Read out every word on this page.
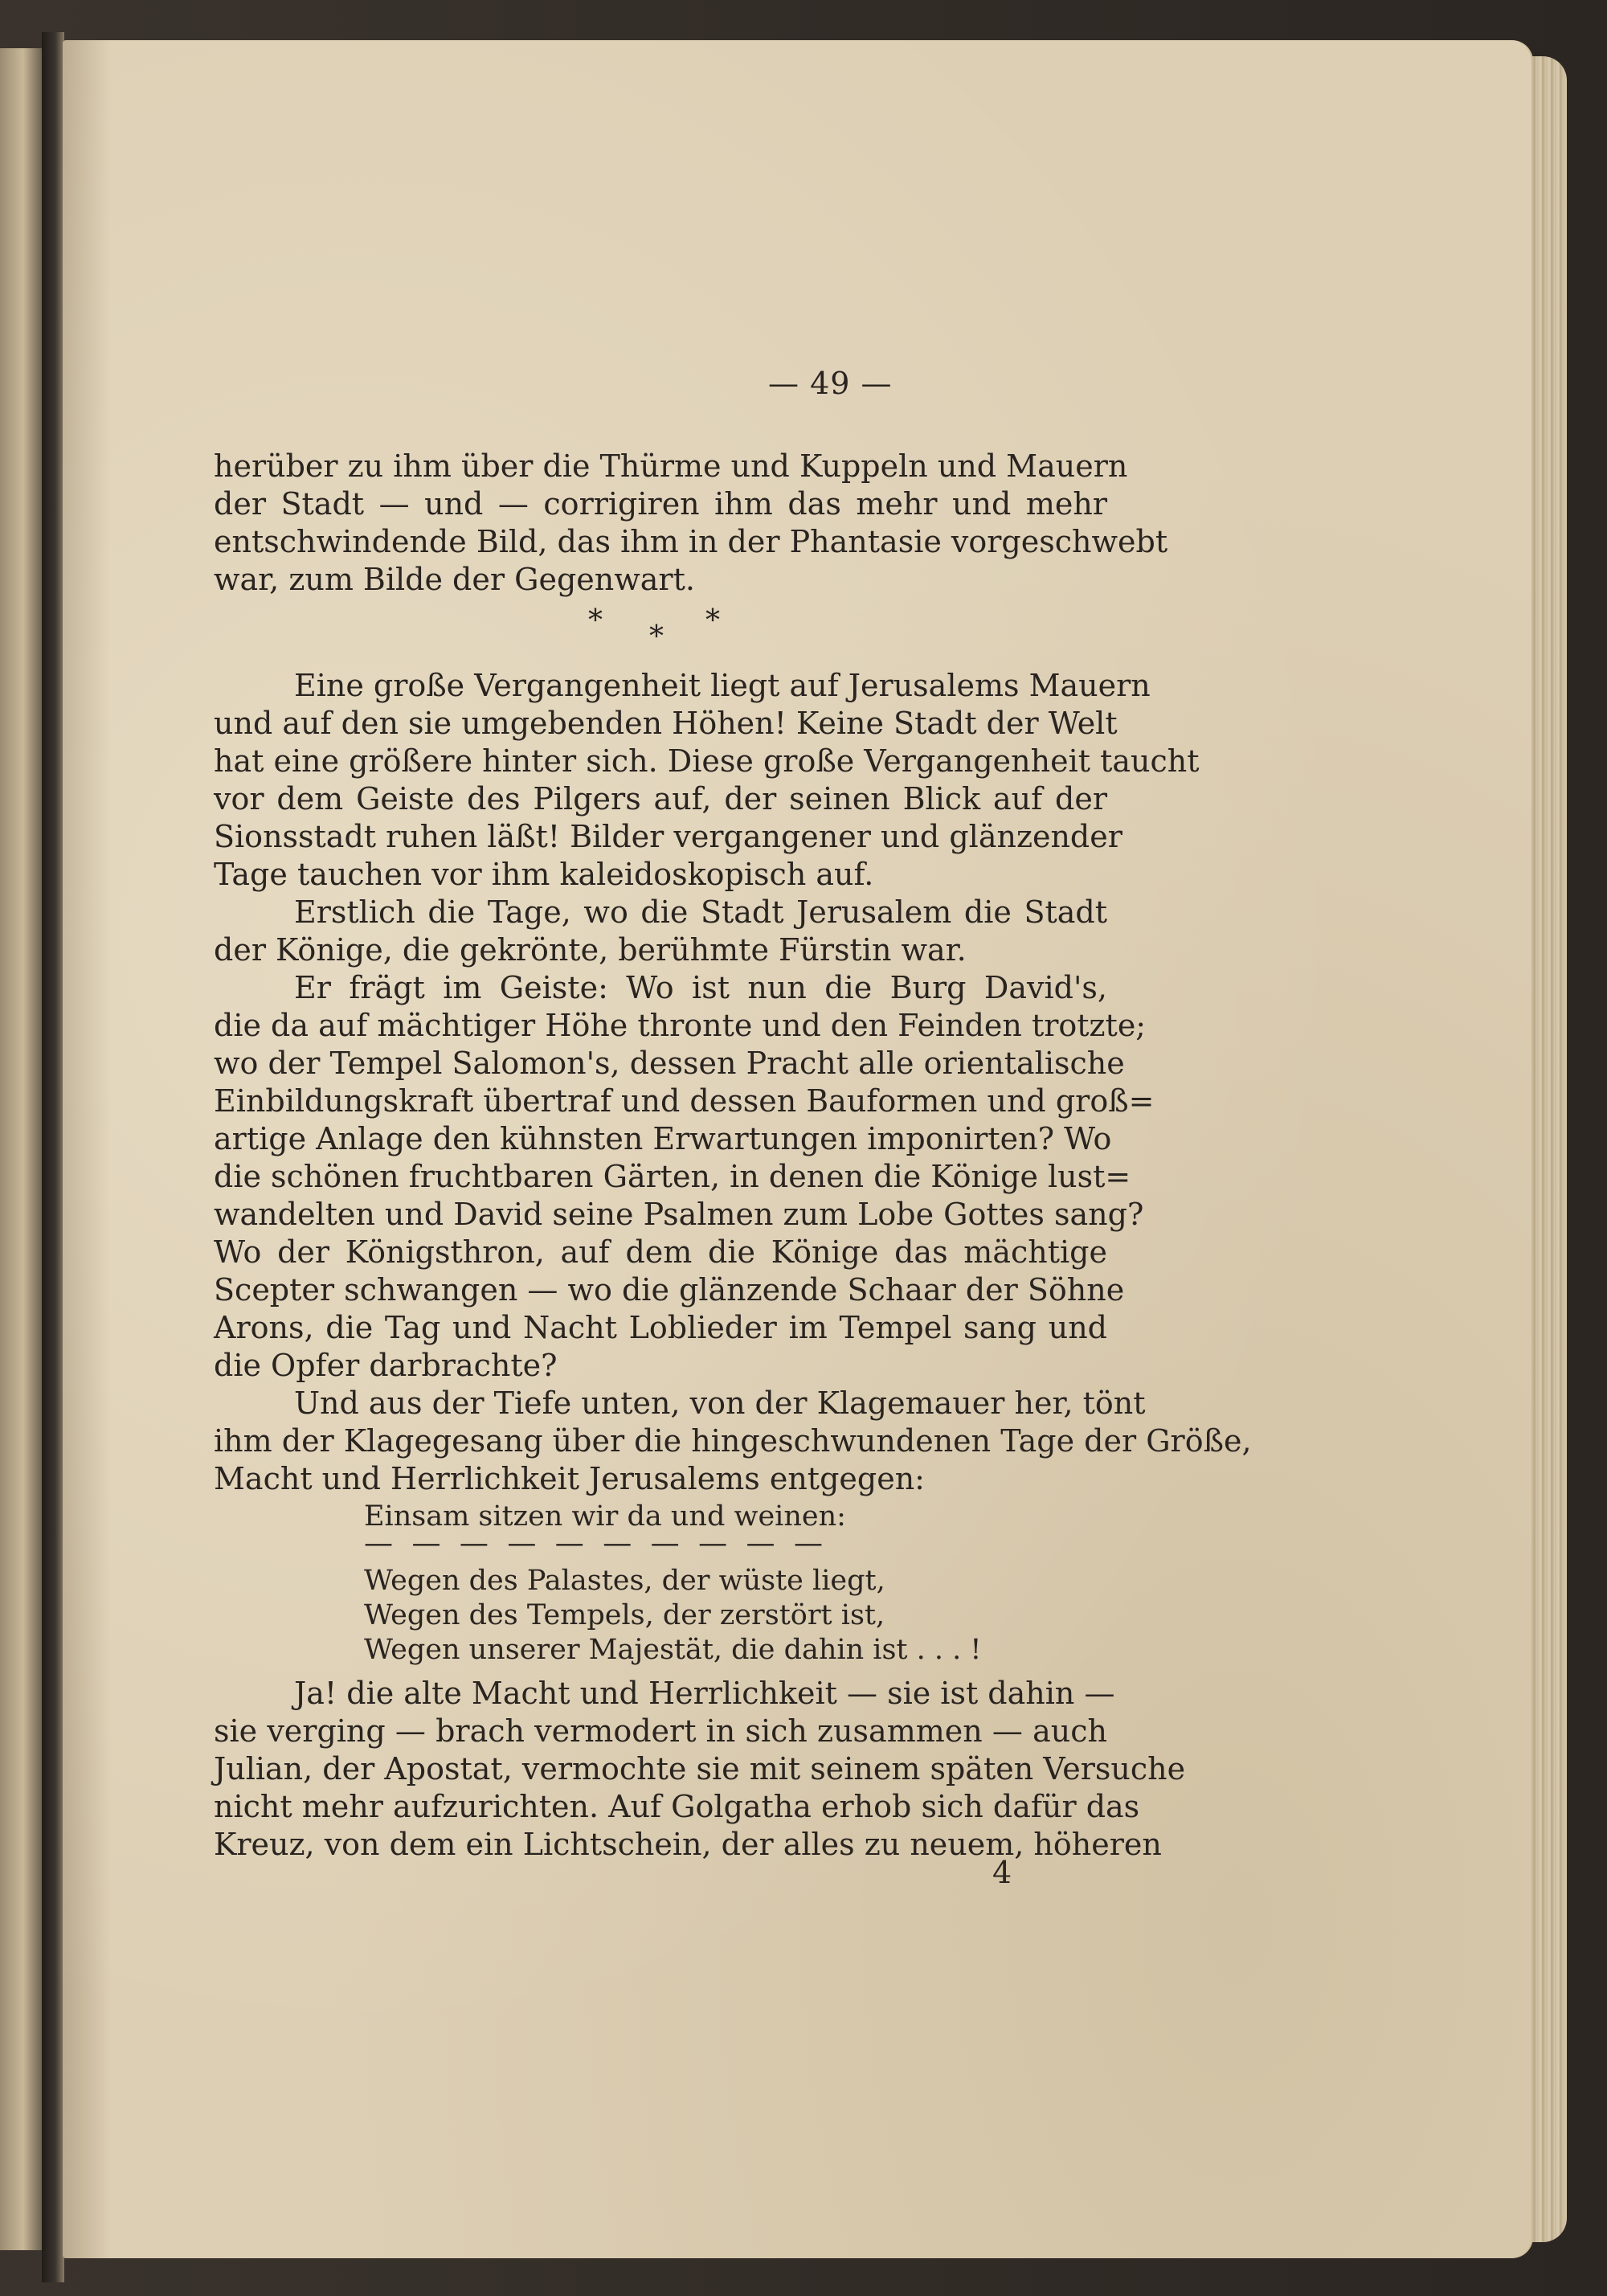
— 49 —
herüber zu ihm über die Thürme und Kuppeln und Mauern
der Stadt — und — corrigiren ihm das mehr und mehr
entschwindende Bild, das ihm in der Phantasie vorgeschwebt
war, zum Bilde der Gegenwart.
* * *
Eine große Vergangenheit liegt auf Jerusalems Mauern
und auf den sie umgebenden Höhen! Keine Stadt der Welt
hat eine größere hinter sich. Diese große Vergangenheit taucht
vor dem Geiste des Pilgers auf, der seinen Blick auf der
Sionsstadt ruhen läßt! Bilder vergangener und glänzender
Tage tauchen vor ihm kaleidoskopisch auf.
Erstlich die Tage, wo die Stadt Jerusalem die Stadt
der Könige, die gekrönte, berühmte Fürstin war.
Er frägt im Geiste: Wo ist nun die Burg David's,
die da auf mächtiger Höhe thronte und den Feinden trotzte;
wo der Tempel Salomon's, dessen Pracht alle orientalische
Einbildungskraft übertraf und dessen Bauformen und groß=
artige Anlage den kühnsten Erwartungen imponirten? Wo
die schönen fruchtbaren Gärten, in denen die Könige lust=
wandelten und David seine Psalmen zum Lobe Gottes sang?
Wo der Königsthron, auf dem die Könige das mächtige
Scepter schwangen — wo die glänzende Schaar der Söhne
Arons, die Tag und Nacht Loblieder im Tempel sang und
die Opfer darbrachte?
Und aus der Tiefe unten, von der Klagemauer her, tönt
ihm der Klagegesang über die hingeschwundenen Tage der Größe,
Macht und Herrlichkeit Jerusalems entgegen:
Einsam sitzen wir da und weinen:
— — — — — — — — — —
Wegen des Palastes, der wüste liegt,
Wegen des Tempels, der zerstört ist,
Wegen unserer Majestät, die dahin ist . . . !
Ja! die alte Macht und Herrlichkeit — sie ist dahin —
sie verging — brach vermodert in sich zusammen — auch
Julian, der Apostat, vermochte sie mit seinem späten Versuche
nicht mehr aufzurichten. Auf Golgatha erhob sich dafür das
Kreuz, von dem ein Lichtschein, der alles zu neuem, höheren
4
